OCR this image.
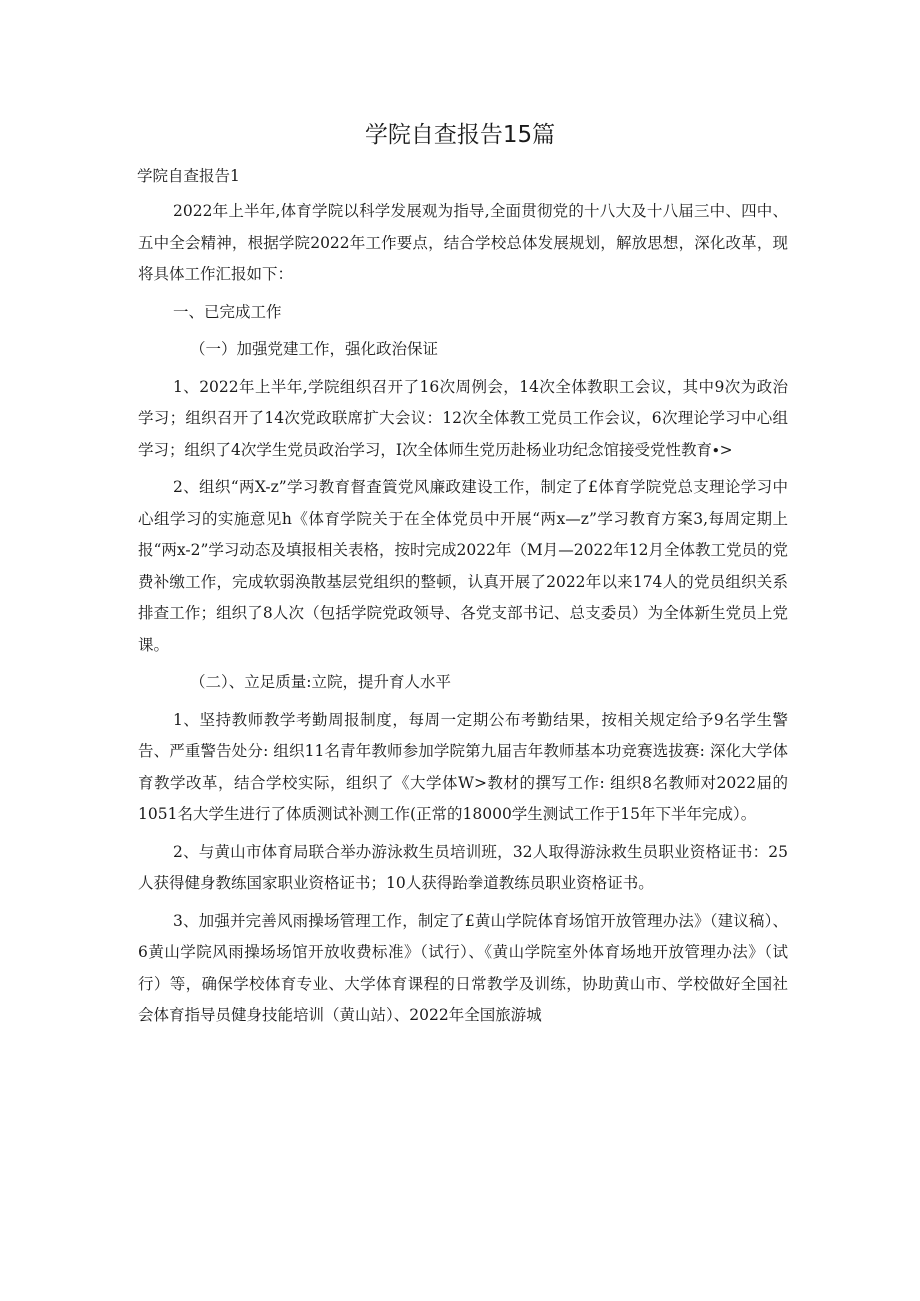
学院自查报告15篇

学院自查报告1

2022年上半年,体育学院以科学发展观为指导,全面贯彻党的十八大及十八届三中、四中、五中全会精神，根据学院2022年工作要点，结合学校总体发展规划，解放思想，深化改革，现将具体工作汇报如下：

一、已完成工作

（一）加强党建工作，强化政治保证

1、2022年上半年,学院组织召开了16次周例会，14次全体教职工会议，其中9次为政治学习；组织召开了14次党政联席扩大会议：12次全体教工党员工作会议，6次理论学习中心组学习；组织了4次学生党员政治学习，I次全体师生党历赴杨业功纪念馆接受党性教育∙>

2、组织“两X-z”学习教育督査篢党风廉政建设工作，制定了£体育学院党总支理论学习中心组学习的实施意见h《体育学院关于在全体党员中开展“两x—z”学习教育方案3,每周定期上报“两x-2”学习动态及填报相关表格，按时完成2022年（M月—2022年12月全体教工党员的党费补缴工作，完成软弱涣散基层党组织的整顿，认真开展了2022年以来174人的党员组织关系排查工作；组织了8人次（包括学院党政领导、各党支部书记、总支委员）为全体新生党员上党课。

（二）、立足质量:立院，提升育人水平

1、坚持教师教学考勤周报制度，每周一定期公布考勤结果，按相关规定给予9名学生警告、严重警告处分: 组织11名青年教师参加学院第九届吉年教师基本功竞赛选拔赛: 深化大学体育教学改革，结合学校实际，组织了《大学体W>教材的撰写工作: 组织8名教师对2022届的1051名大学生进行了体质测试补测工作(正常的18000学生测试工作于15年下半年完成）。

2、与黄山市体育局联合举办游泳救生员培训班，32人取得游泳救生员职业资格证书：25人获得健身教练国家职业资格证书；10人获得跆拳道教练员职业资格证书。

3、加强并完善风雨操场管理工作，制定了£黄山学院体育场馆开放管理办法》（建议稿）、6黄山学院风雨操场场馆开放收费标准》（试行）、《黄山学院室外体育场地开放管理办法》（试行）等，确保学校体育专业、大学体育课程的日常教学及训练，协助黄山市、学校做好全国社会体育指导员健身技能培训（黄山站）、2022年全国旅游城
